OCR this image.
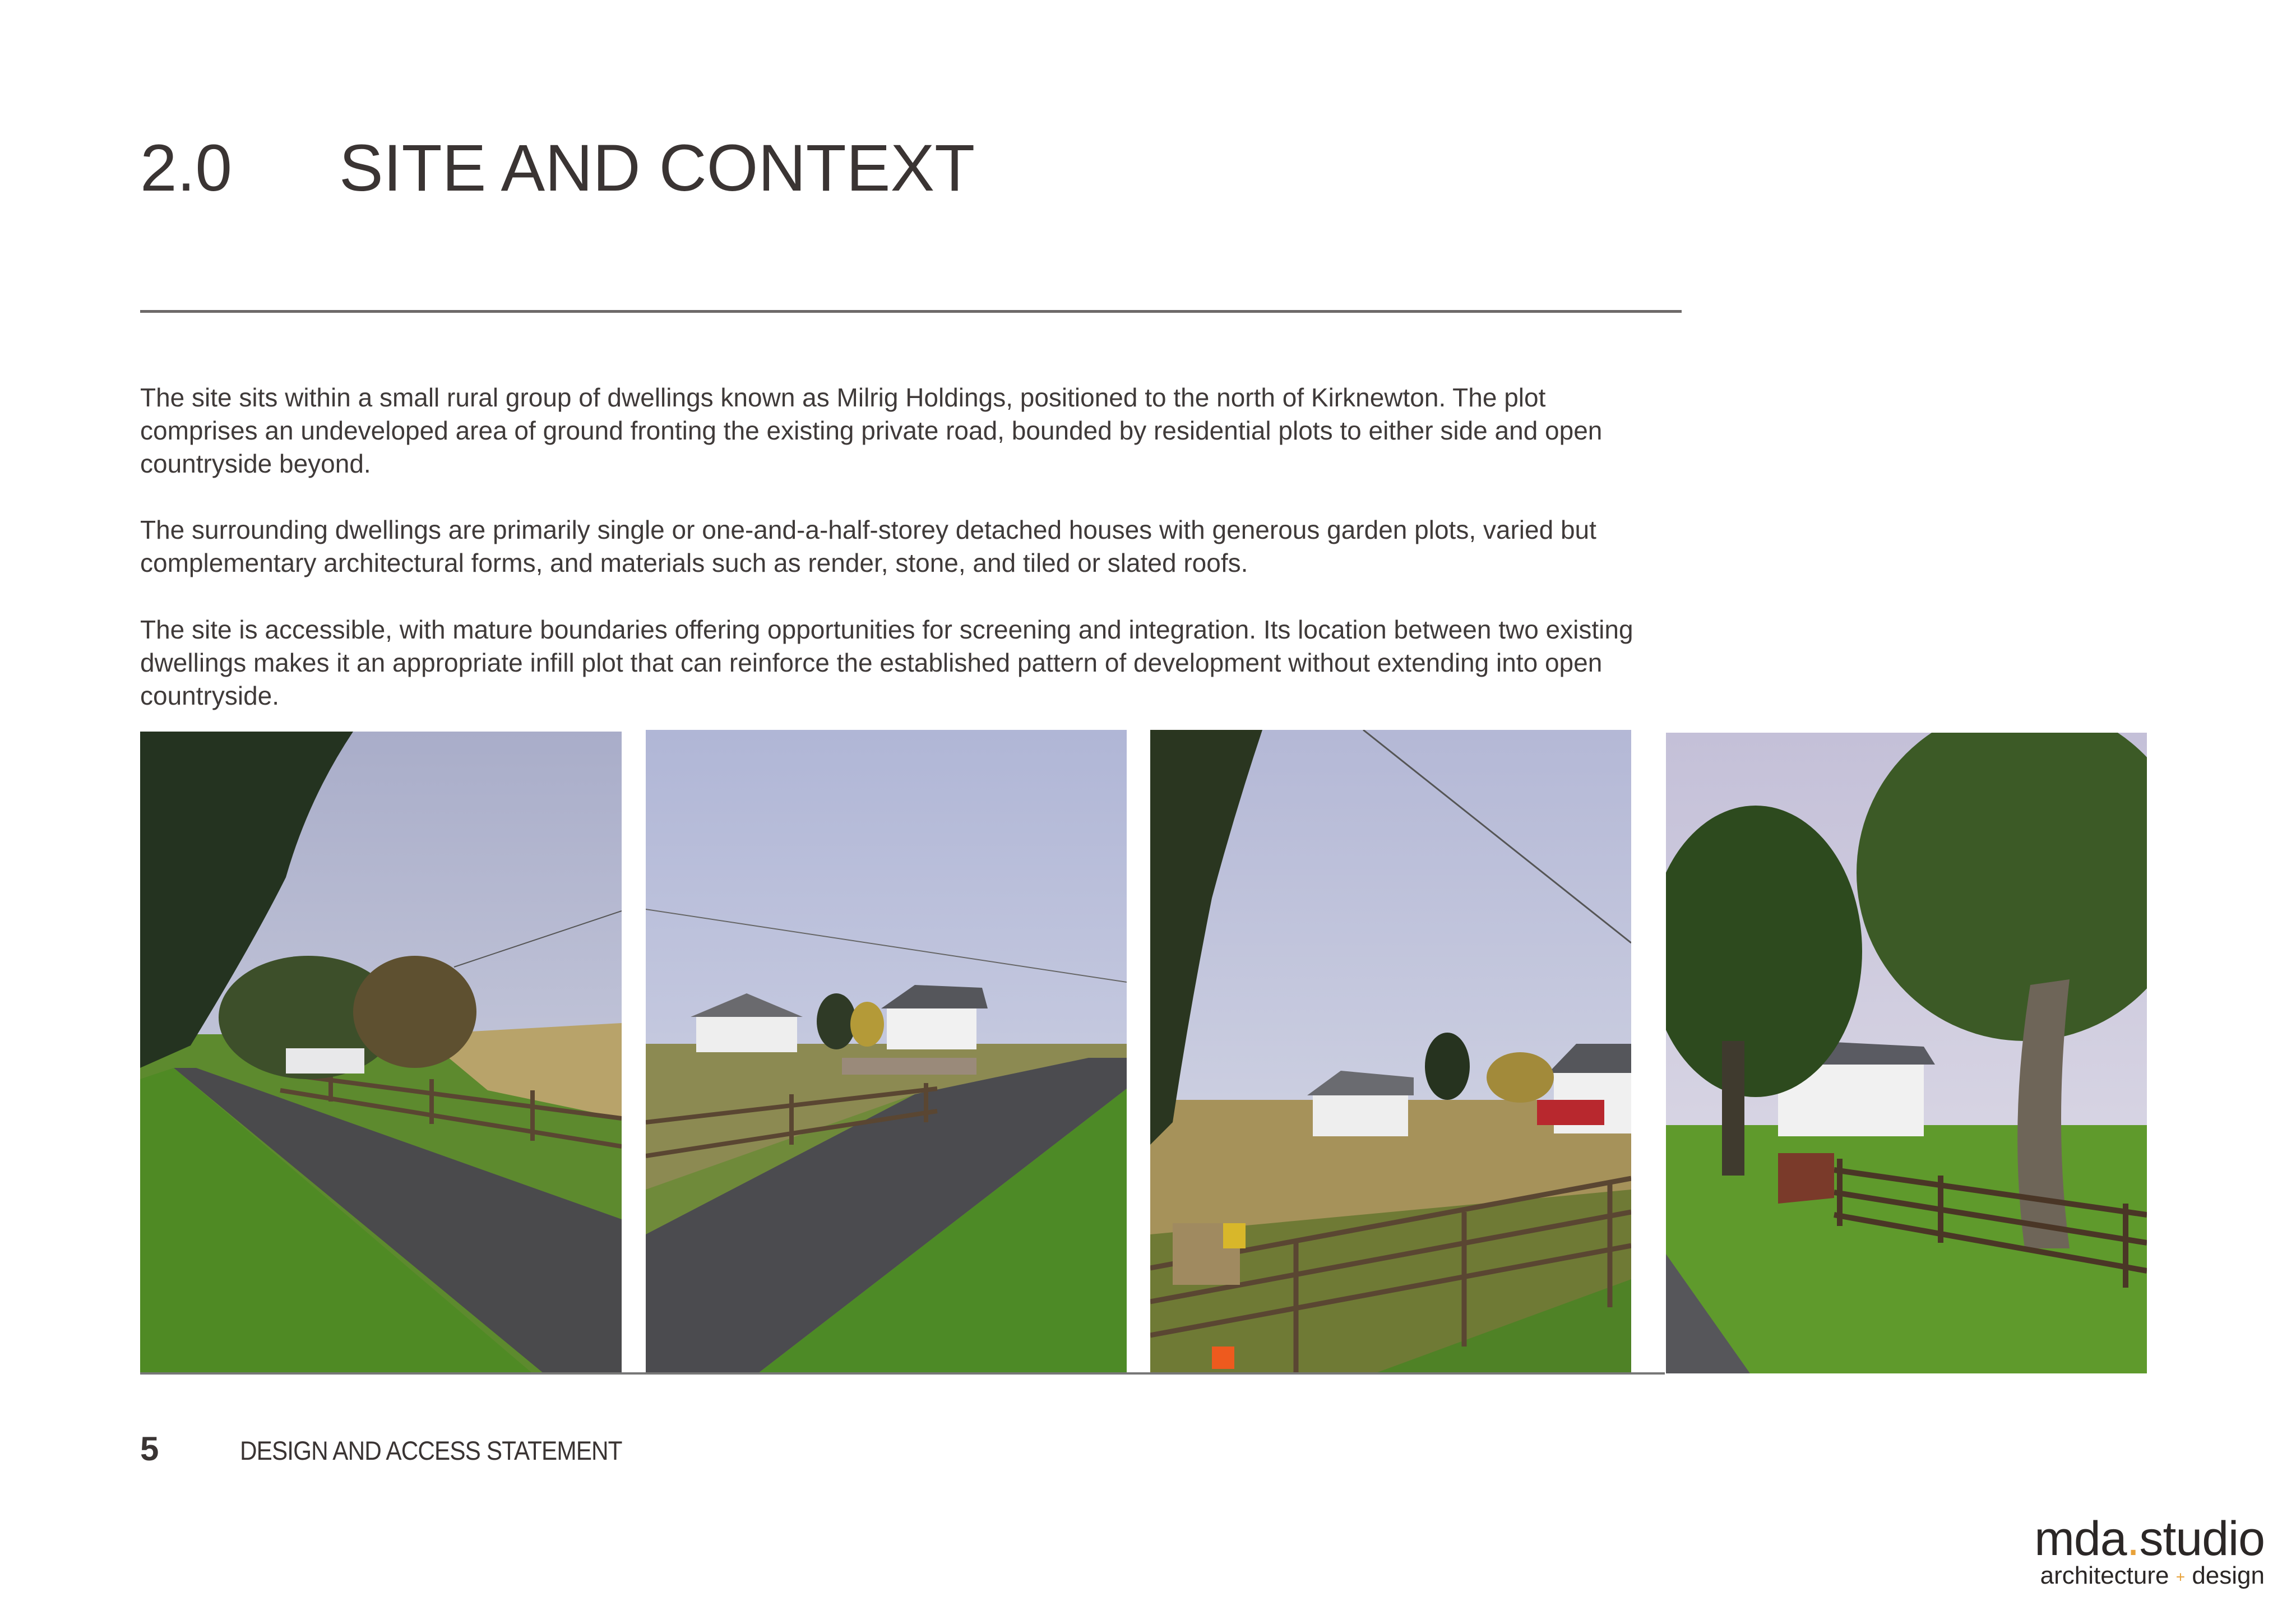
2.0 SITE AND CONTEXT

The site sits within a small rural group of dwellings known as Milrig Holdings, positioned to the north of Kirknewton. The plot comprises an undeveloped area of ground fronting the existing private road, bounded by residential plots to either side and open countryside beyond.

The surrounding dwellings are primarily single or one-and-a-half-storey detached houses with generous garden plots, varied but complementary architectural forms, and materials such as render, stone, and tiled or slated roofs.

The site is accessible, with mature boundaries offering opportunities for screening and integration. Its location between two existing dwellings makes it an appropriate infill plot that can reinforce the established pattern of development without extending into open countryside.

5	DESIGN AND ACCESS STATEMENT
mda.studio
architecture + design
